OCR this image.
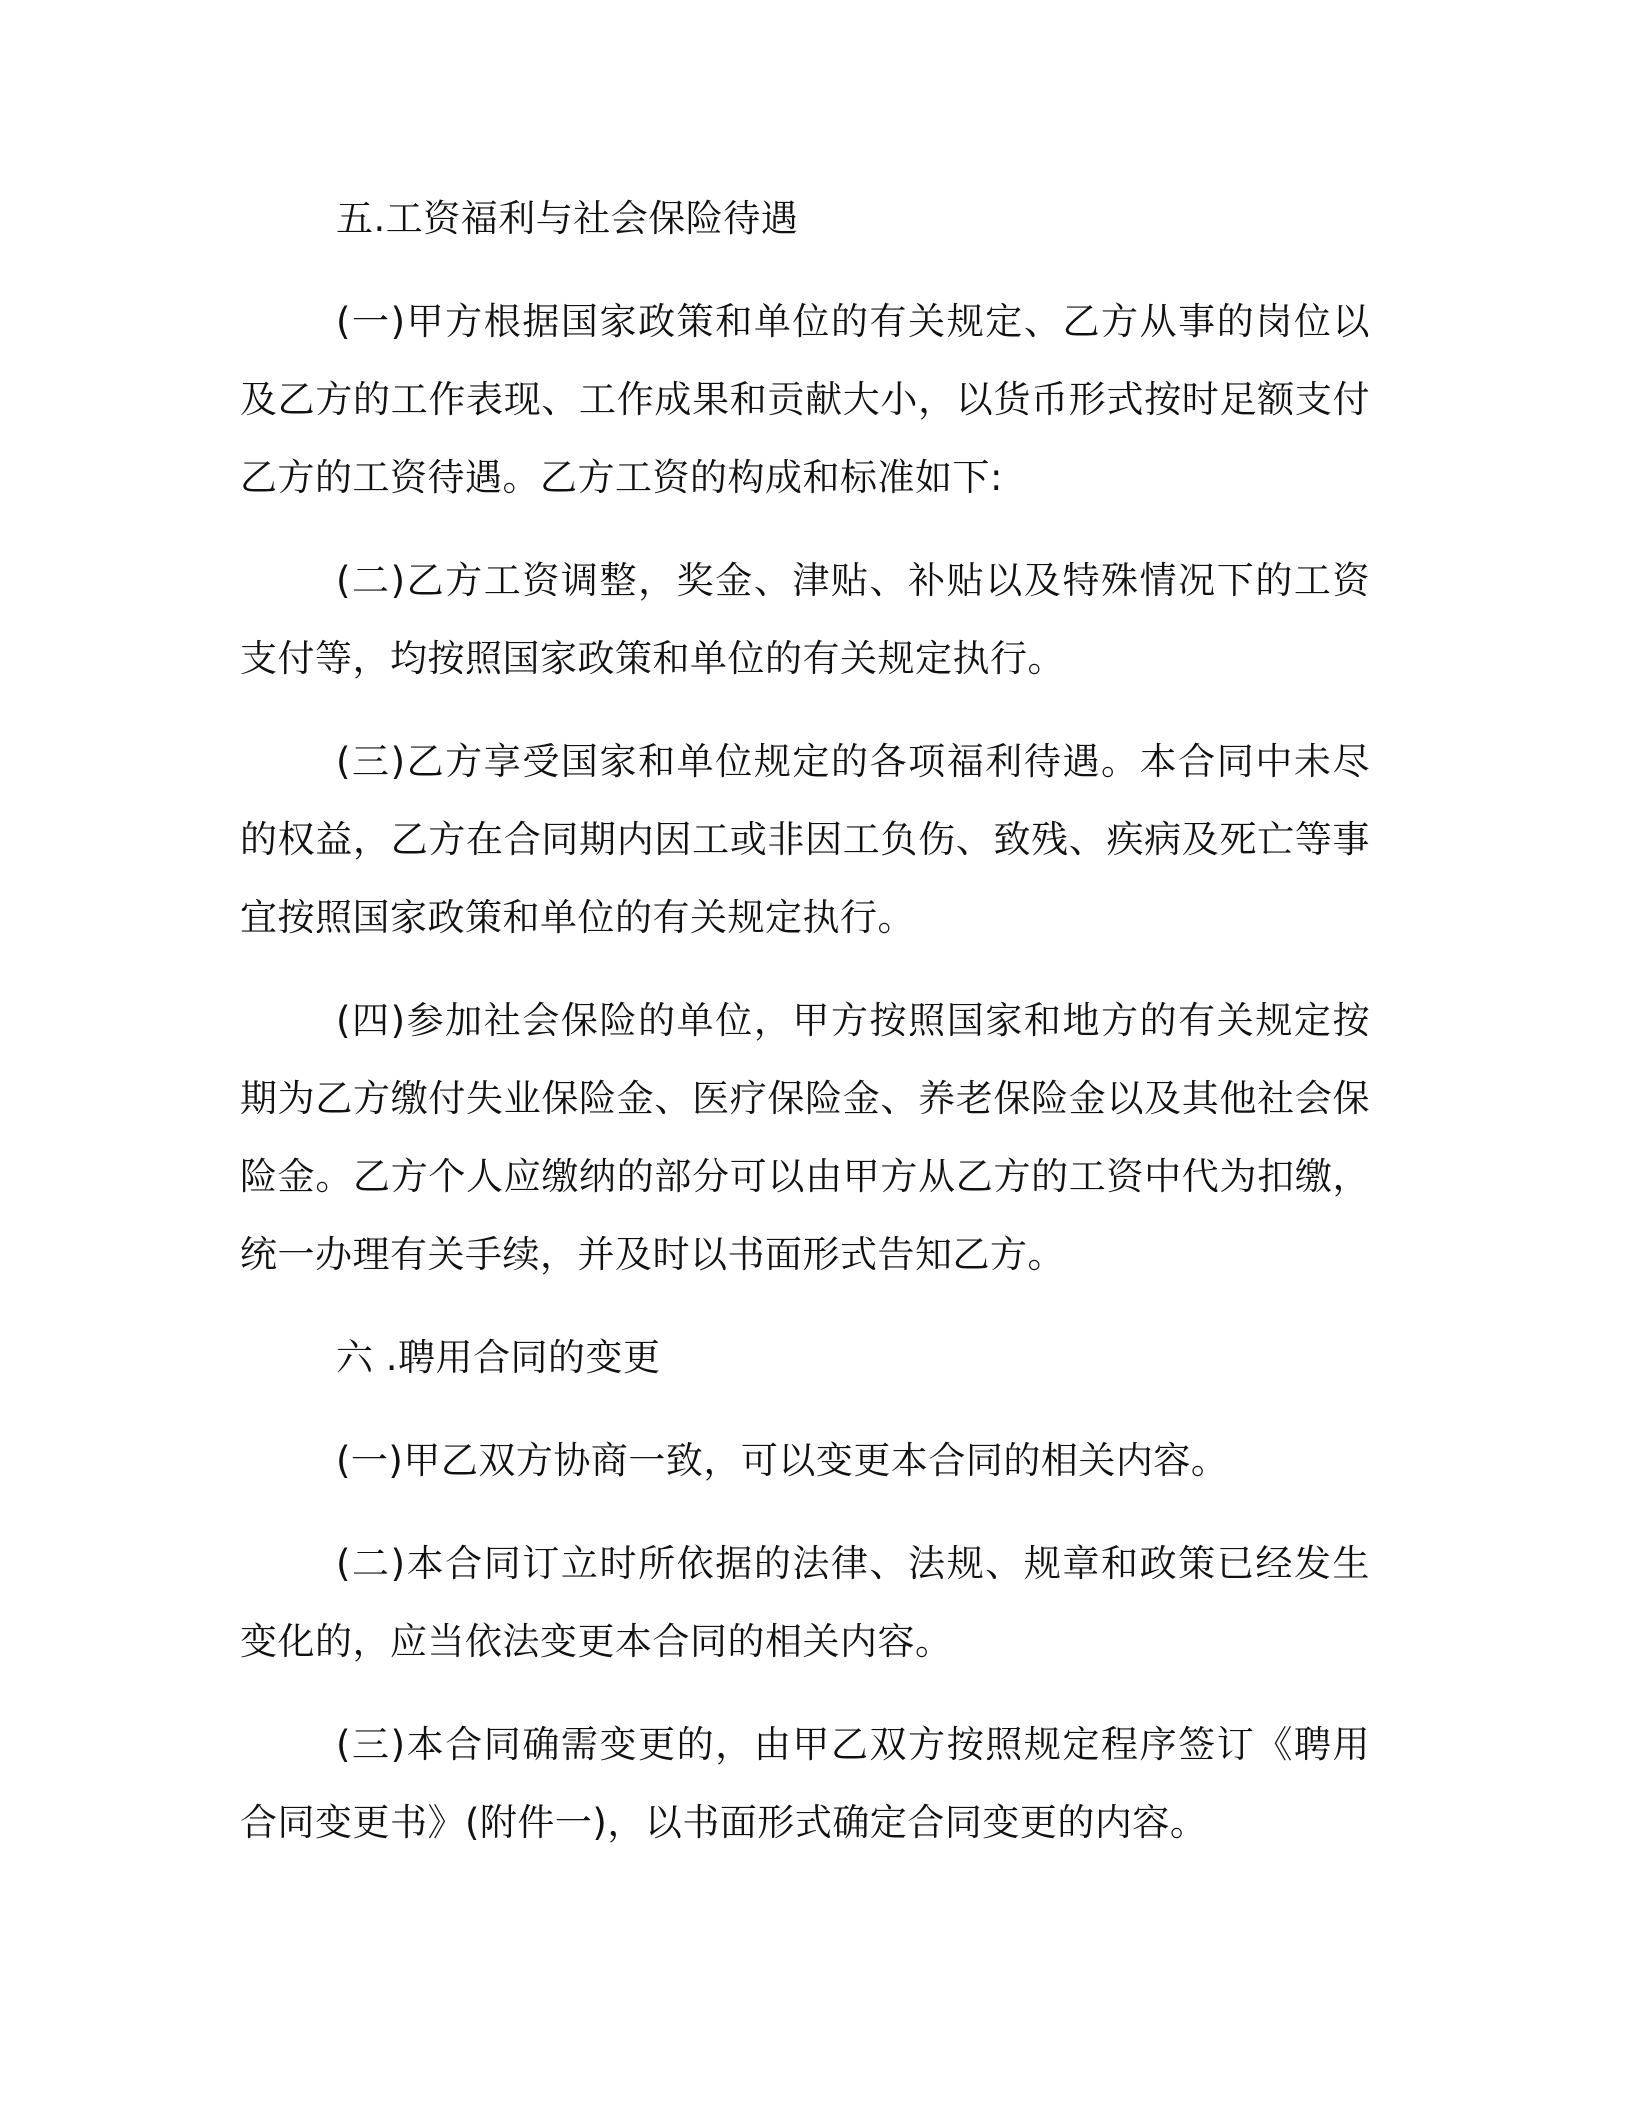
五.工资福利与社会保险待遇

(一)甲方根据国家政策和单位的有关规定、乙方从事的岗位以及乙方的工作表现、工作成果和贡献大小，以货币形式按时足额支付乙方的工资待遇。乙方工资的构成和标准如下:

(二)乙方工资调整，奖金、津贴、补贴以及特殊情况下的工资支付等，均按照国家政策和单位的有关规定执行。

(三)乙方享受国家和单位规定的各项福利待遇。本合同中未尽的权益，乙方在合同期内因工或非因工负伤、致残、疾病及死亡等事宜按照国家政策和单位的有关规定执行。

(四)参加社会保险的单位，甲方按照国家和地方的有关规定按期为乙方缴付失业保险金、医疗保险金、养老保险金以及其他社会保险金。乙方个人应缴纳的部分可以由甲方从乙方的工资中代为扣缴，统一办理有关手续，并及时以书面形式告知乙方。

六 .聘用合同的变更

(一)甲乙双方协商一致，可以变更本合同的相关内容。

(二)本合同订立时所依据的法律、法规、规章和政策已经发生变化的，应当依法变更本合同的相关内容。

(三)本合同确需变更的，由甲乙双方按照规定程序签订《聘用合同变更书》(附件一)，以书面形式确定合同变更的内容。
